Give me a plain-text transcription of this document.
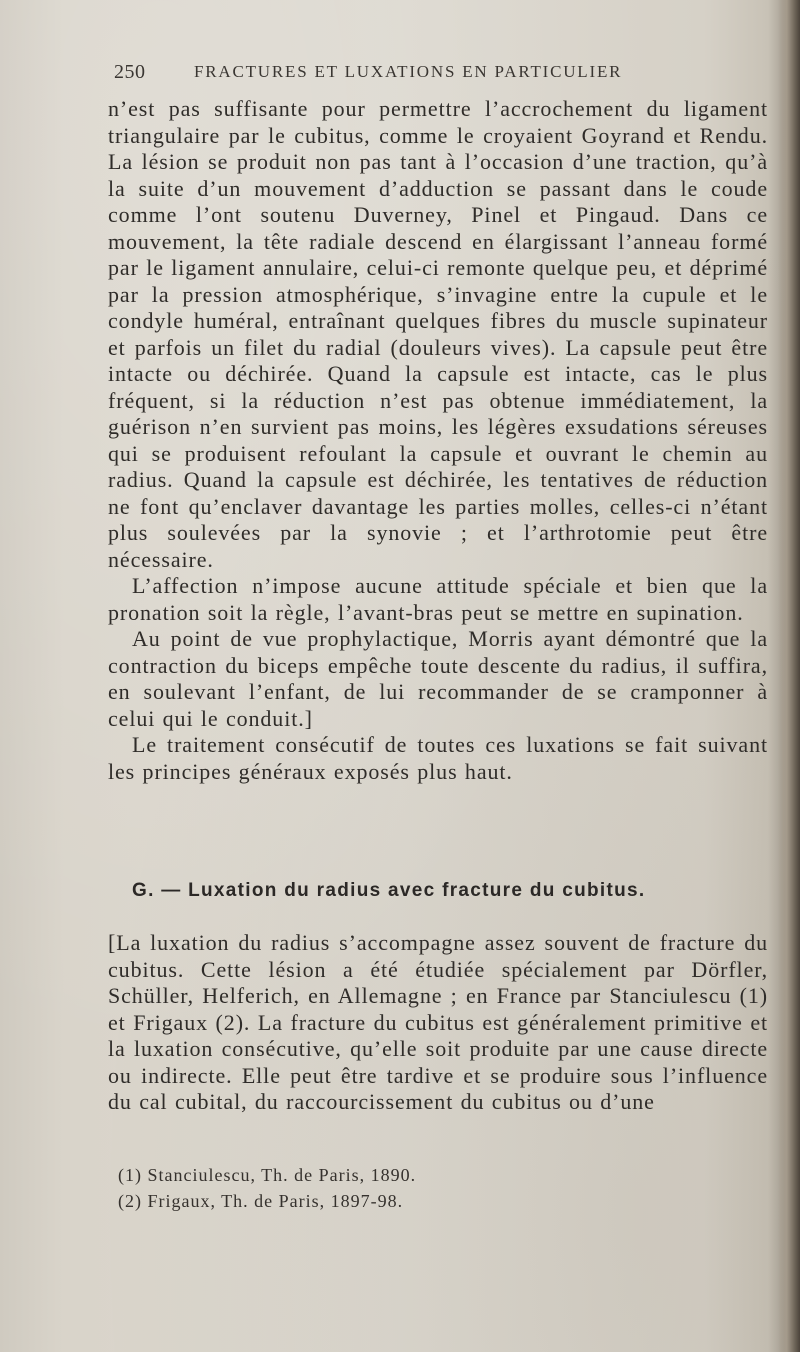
250	FRACTURES ET LUXATIONS EN PARTICULIER

n’est pas suffisante pour permettre l’accrochement du ligament triangulaire par le cubitus, comme le croyaient Goyrand et Rendu. La lésion se produit non pas tant à l’occasion d’une traction, qu’à la suite d’un mouvement d’adduction se passant dans le coude comme l’ont soutenu Duverney, Pinel et Pingaud. Dans ce mouvement, la tête radiale descend en élargissant l’anneau formé par le ligament annulaire, celui-ci remonte quelque peu, et déprimé par la pression atmosphérique, s’invagine entre la cupule et le condyle huméral, entraînant quelques fibres du muscle supinateur et parfois un filet du radial (douleurs vives). La capsule peut être intacte ou déchirée. Quand la capsule est intacte, cas le plus fréquent, si la réduction n’est pas obtenue immédiatement, la guérison n’en survient pas moins, les légères exsudations séreuses qui se produisent refoulant la capsule et ouvrant le chemin au radius. Quand la capsule est déchirée, les tentatives de réduction ne font qu’enclaver davantage les parties molles, celles-ci n’étant plus soulevées par la synovie ; et l’arthrotomie peut être nécessaire.

L’affection n’impose aucune attitude spéciale et bien que la pronation soit la règle, l’avant-bras peut se mettre en supination.

Au point de vue prophylactique, Morris ayant démontré que la contraction du biceps empêche toute descente du radius, il suffira, en soulevant l’enfant, de lui recommander de se cramponner à celui qui le conduit.]

Le traitement consécutif de toutes ces luxations se fait suivant les principes généraux exposés plus haut.

G. — Luxation du radius avec fracture du cubitus.

[La luxation du radius s’accompagne assez souvent de fracture du cubitus. Cette lésion a été étudiée spécialement par Dörfler, Schüller, Helferich, en Allemagne ; en France par Stanciulescu (1) et Frigaux (2). La fracture du cubitus est généralement primitive et la luxation consécutive, qu’elle soit produite par une cause directe ou indirecte. Elle peut être tardive et se produire sous l’influence du cal cubital, du raccourcissement du cubitus ou d’une

(1) Stanciulescu, Th. de Paris, 1890.
(2) Frigaux, Th. de Paris, 1897-98.
